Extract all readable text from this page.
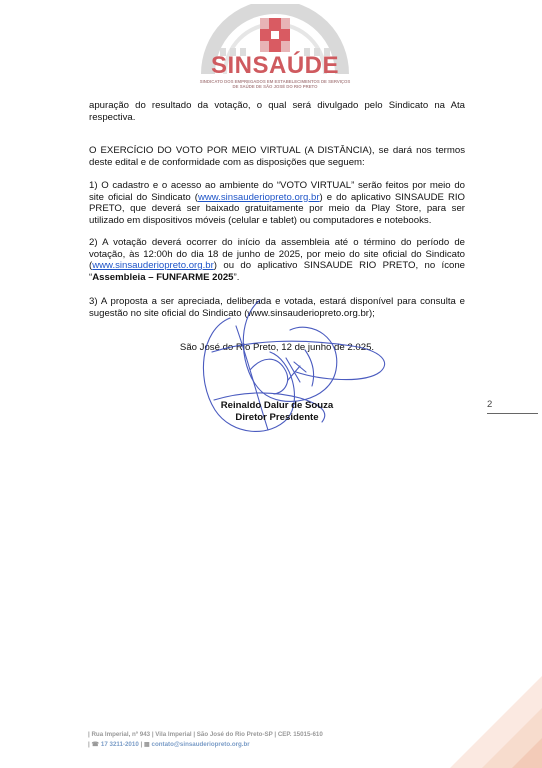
SINSAÚDE
SINDICATO DOS EMPREGADOS EM ESTABELECIMENTOS DE SERVIÇOS
DE SAÚDE DE SÃO JOSÉ DO RIO PRETO
apuração do resultado da votação, o qual será divulgado pelo Sindicato na Ata respectiva.
O EXERCÍCIO DO VOTO POR MEIO VIRTUAL (A DISTÂNCIA), se dará nos termos deste edital e de conformidade com as disposições que seguem:
1) O cadastro e o acesso ao ambiente do “VOTO VIRTUAL” serão feitos por meio do site oficial do Sindicato (www.sinsauderiopreto.org.br) e do aplicativo SINSAUDE RIO PRETO, que deverá ser baixado gratuitamente por meio da Play Store, para ser utilizado em dispositivos móveis (celular e tablet) ou computadores e notebooks.
2) A votação deverá ocorrer do início da assembleia até o término do período de votação, às 12:00h do dia 18 de junho de 2025, por meio do site oficial do Sindicato (www.sinsauderiopreto.org.br) ou do aplicativo SINSAUDE RIO PRETO, no ícone “Assembleia – FUNFARME 2025”.
3) A proposta a ser apreciada, deliberada e votada, estará disponível para consulta e sugestão no site oficial do Sindicato (www.sinsauderiopreto.org.br);
São José do Rio Preto, 12 de junho de 2.025.
Reinaldo Dalur de Souza
Diretor Presidente
2
| Rua Imperial, nº 943 | Vila Imperial | São José do Rio Preto-SP | CEP. 15015-610
| ☎ 17 3211-2010 | ▦ contato@sinsauderiopreto.org.br
